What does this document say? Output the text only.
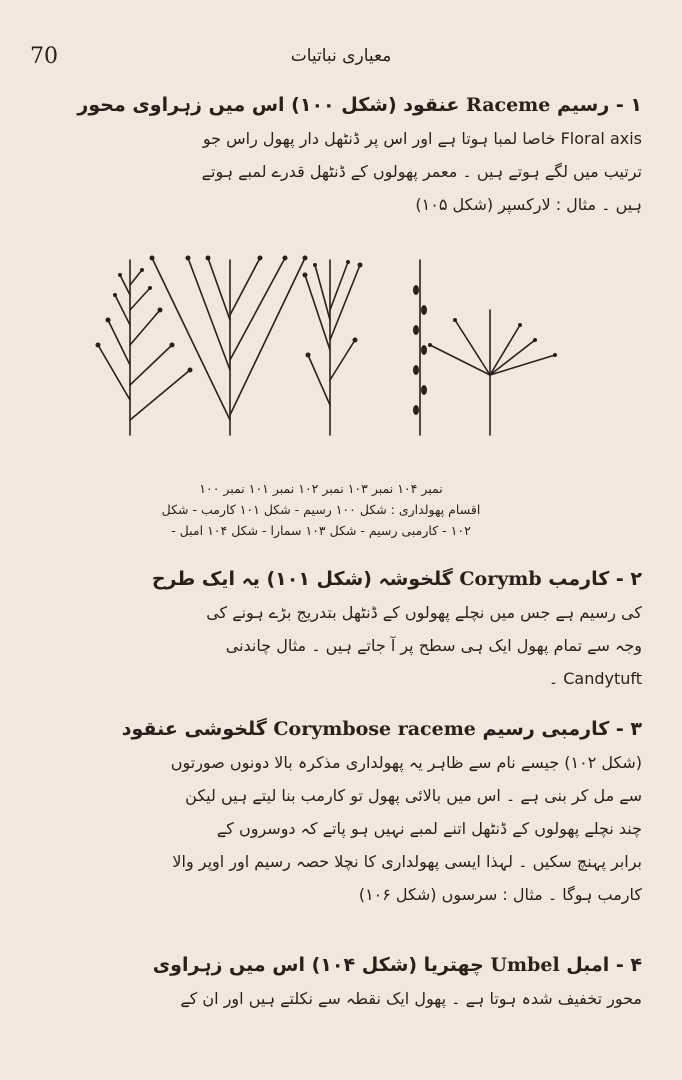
70	معیاری نباتیات
۱ - رسیم Raceme عنقود (شکل ۱۰۰) اس میں زہراوی محور
Floral axis خاصا لمبا ہوتا ہے اور اس پر ڈنٹھل دار پھول راس جو
ترتیب میں لگے ہوتے ہیں ۔ معمر پھولوں کے ڈنٹھل قدرے لمبے ہوتے
ہیں ۔ مثال : لارکسپر (شکل ۱۰۵)
نمبر ۱۰۴ نمبر ۱۰۳ نمبر ۱۰۲ نمبر ۱۰۱ نمبر ۱۰۰
اقسام پھولداری : شکل ۱۰۰ رسیم - شکل ۱۰۱ کارمب - شکل
۱۰۲ - کارمبی رسیم - شکل ۱۰۳ سمارا - شکل ۱۰۴ امبل -
۲ - کارمب Corymb گلخوشہ (شکل ۱۰۱) یہ ایک طرح
کی رسیم ہے جس میں نچلے پھولوں کے ڈنٹھل بتدریج بڑے ہونے کی
وجہ سے تمام پھول ایک ہی سطح پر آ جاتے ہیں ۔ مثال چاندنی
Candytuft ۔
۳ - کارمبی رسیم Corymbose raceme گلخوشی عنقود
(شکل ۱۰۲) جیسے نام سے ظاہر یہ پھولداری مذکرہ بالا دونوں صورتوں
سے مل کر بنی ہے ۔ اس میں بالائی پھول تو کارمب بنا لیتے ہیں لیکن
چند نچلے پھولوں کے ڈنٹھل اتنے لمبے نہیں ہو پاتے کہ دوسروں کے
برابر پہنچ سکیں ۔ لہذا ایسی پھولداری کا نچلا حصہ رسیم اور اوپر والا
کارمب ہوگا ۔ مثال : سرسوں (شکل ۱۰۶)
۴ - امبل Umbel چھتریا (شکل ۱۰۴) اس میں زہراوی
محور تخفیف شدہ ہوتا ہے ۔ پھول ایک نقطہ سے نکلتے ہیں اور ان کے
